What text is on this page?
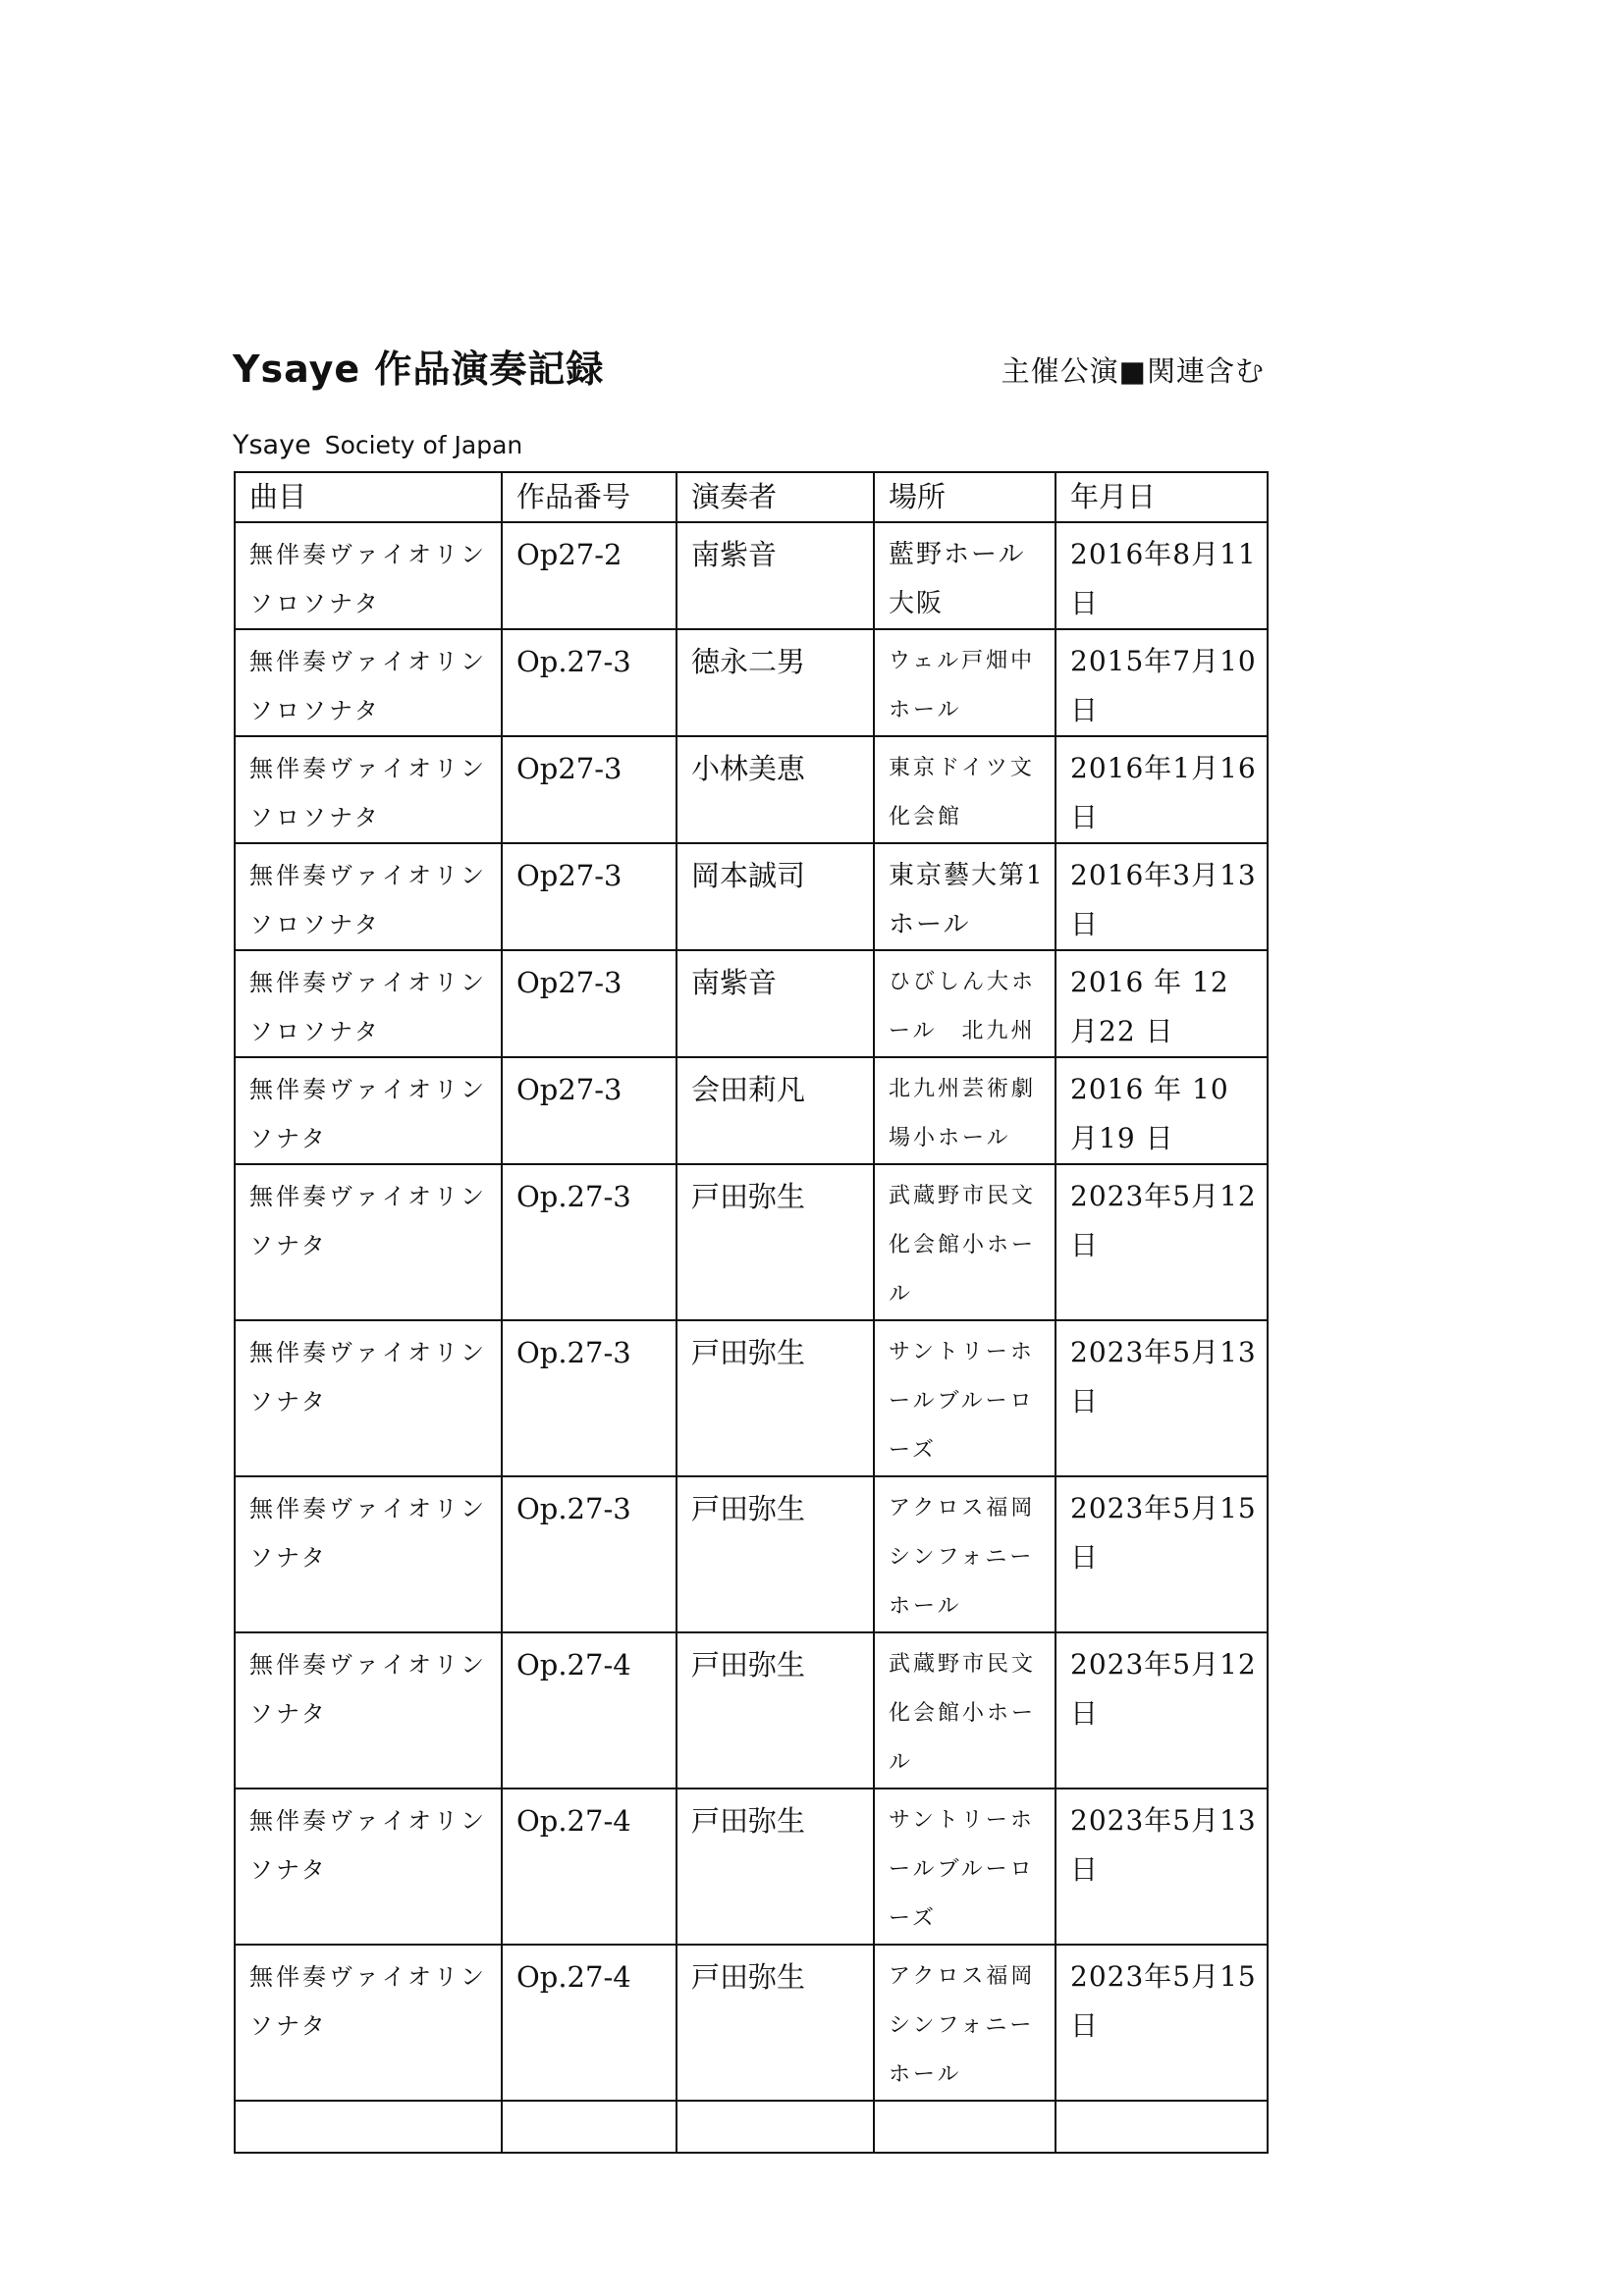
Ysaye 作品演奏記録	主催公演■関連含む
Ysaye Society of Japan
曲目	作品番号	演奏者	場所	年月日
無伴奏ヴァイオリンソロソナタ	Op27-2	南紫音	藍野ホール大阪	2016年8月11日
無伴奏ヴァイオリンソロソナタ	Op.27-3	徳永二男	ウェル戸畑中ホール	2015年7月10日
無伴奏ヴァイオリンソロソナタ	Op27-3	小林美恵	東京ドイツ文化会館	2016年1月16日
無伴奏ヴァイオリンソロソナタ	Op27-3	岡本誠司	東京藝大第1ホール	2016年3月13日
無伴奏ヴァイオリンソロソナタ	Op27-3	南紫音	ひびしん大ホール　北九州	2016 年 12 月22 日
無伴奏ヴァイオリンソナタ	Op27-3	会田莉凡	北九州芸術劇場小ホール	2016 年 10 月19 日
無伴奏ヴァイオリンソナタ	Op.27-3	戸田弥生	武蔵野市民文化会館小ホール	2023年5月12日
無伴奏ヴァイオリンソナタ	Op.27-3	戸田弥生	サントリーホールブルーローズ	2023年5月13日
無伴奏ヴァイオリンソナタ	Op.27-3	戸田弥生	アクロス福岡シンフォニーホール	2023年5月15日
無伴奏ヴァイオリンソナタ	Op.27-4	戸田弥生	武蔵野市民文化会館小ホール	2023年5月12日
無伴奏ヴァイオリンソナタ	Op.27-4	戸田弥生	サントリーホールブルーローズ	2023年5月13日
無伴奏ヴァイオリンソナタ	Op.27-4	戸田弥生	アクロス福岡シンフォニーホール	2023年5月15日
